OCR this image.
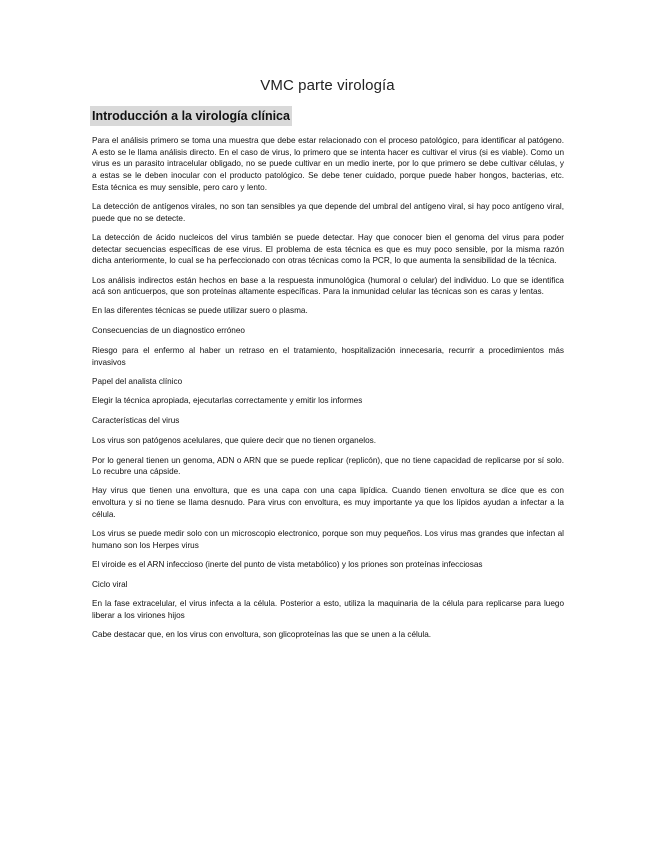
VMC parte virología
Introducción a la virología clínica

Para el análisis primero se toma una muestra que debe estar relacionado con el proceso patológico, para identificar al patógeno. A esto se le llama análisis directo. En el caso de virus, lo primero que se intenta hacer es cultivar el virus (si es viable). Como un virus es un parasito intracelular obligado, no se puede cultivar en un medio inerte, por lo que primero se debe cultivar células, y a estas se le deben inocular con el producto patológico. Se debe tener cuidado, porque puede haber hongos, bacterias, etc. Esta técnica es muy sensible, pero caro y lento.

La detección de antígenos virales, no son tan sensibles ya que depende del umbral del antígeno viral, si hay poco antígeno viral, puede que no se detecte.

La detección de ácido nucleicos del virus también se puede detectar. Hay que conocer bien el genoma del virus para poder detectar secuencias específicas de ese virus. El problema de esta técnica es que es muy poco sensible, por la misma razón dicha anteriormente, lo cual se ha perfeccionado con otras técnicas como la PCR, lo que aumenta la sensibilidad de la técnica.

Los análisis indirectos están hechos en base a la respuesta inmunológica (humoral o celular) del individuo. Lo que se identifica acá son anticuerpos, que son proteínas altamente específicas. Para la inmunidad celular las técnicas son es caras y lentas.

En las diferentes técnicas se puede utilizar suero o plasma.

Consecuencias de un diagnostico erróneo

Riesgo para el enfermo al haber un retraso en el tratamiento, hospitalización innecesaria, recurrir a procedimientos más invasivos

Papel del analista clínico

Elegir la técnica apropiada, ejecutarlas correctamente y emitir los informes

Características del virus

Los virus son patógenos acelulares, que quiere decir que no tienen organelos.

Por lo general tienen un genoma, ADN o ARN que se puede replicar (replicón), que no tiene capacidad de replicarse por sí solo. Lo recubre una cápside.

Hay virus que tienen una envoltura, que es una capa con una capa lipídica. Cuando tienen envoltura se dice que es con envoltura y si no tiene se llama desnudo. Para virus con envoltura, es muy importante ya que los lípidos ayudan a infectar a la célula.

Los virus se puede medir solo con un microscopio electronico, porque son muy pequeños. Los virus mas grandes que infectan al humano son los Herpes virus

El viroide es el ARN infeccioso (inerte del punto de vista metabólico) y los priones son proteínas infecciosas

Ciclo viral

En la fase extracelular, el virus infecta a la célula. Posterior a esto, utiliza la maquinaria de la célula para replicarse para luego liberar a los viriones hijos

Cabe destacar que, en los virus con envoltura, son glicoproteínas las que se unen a la célula.
